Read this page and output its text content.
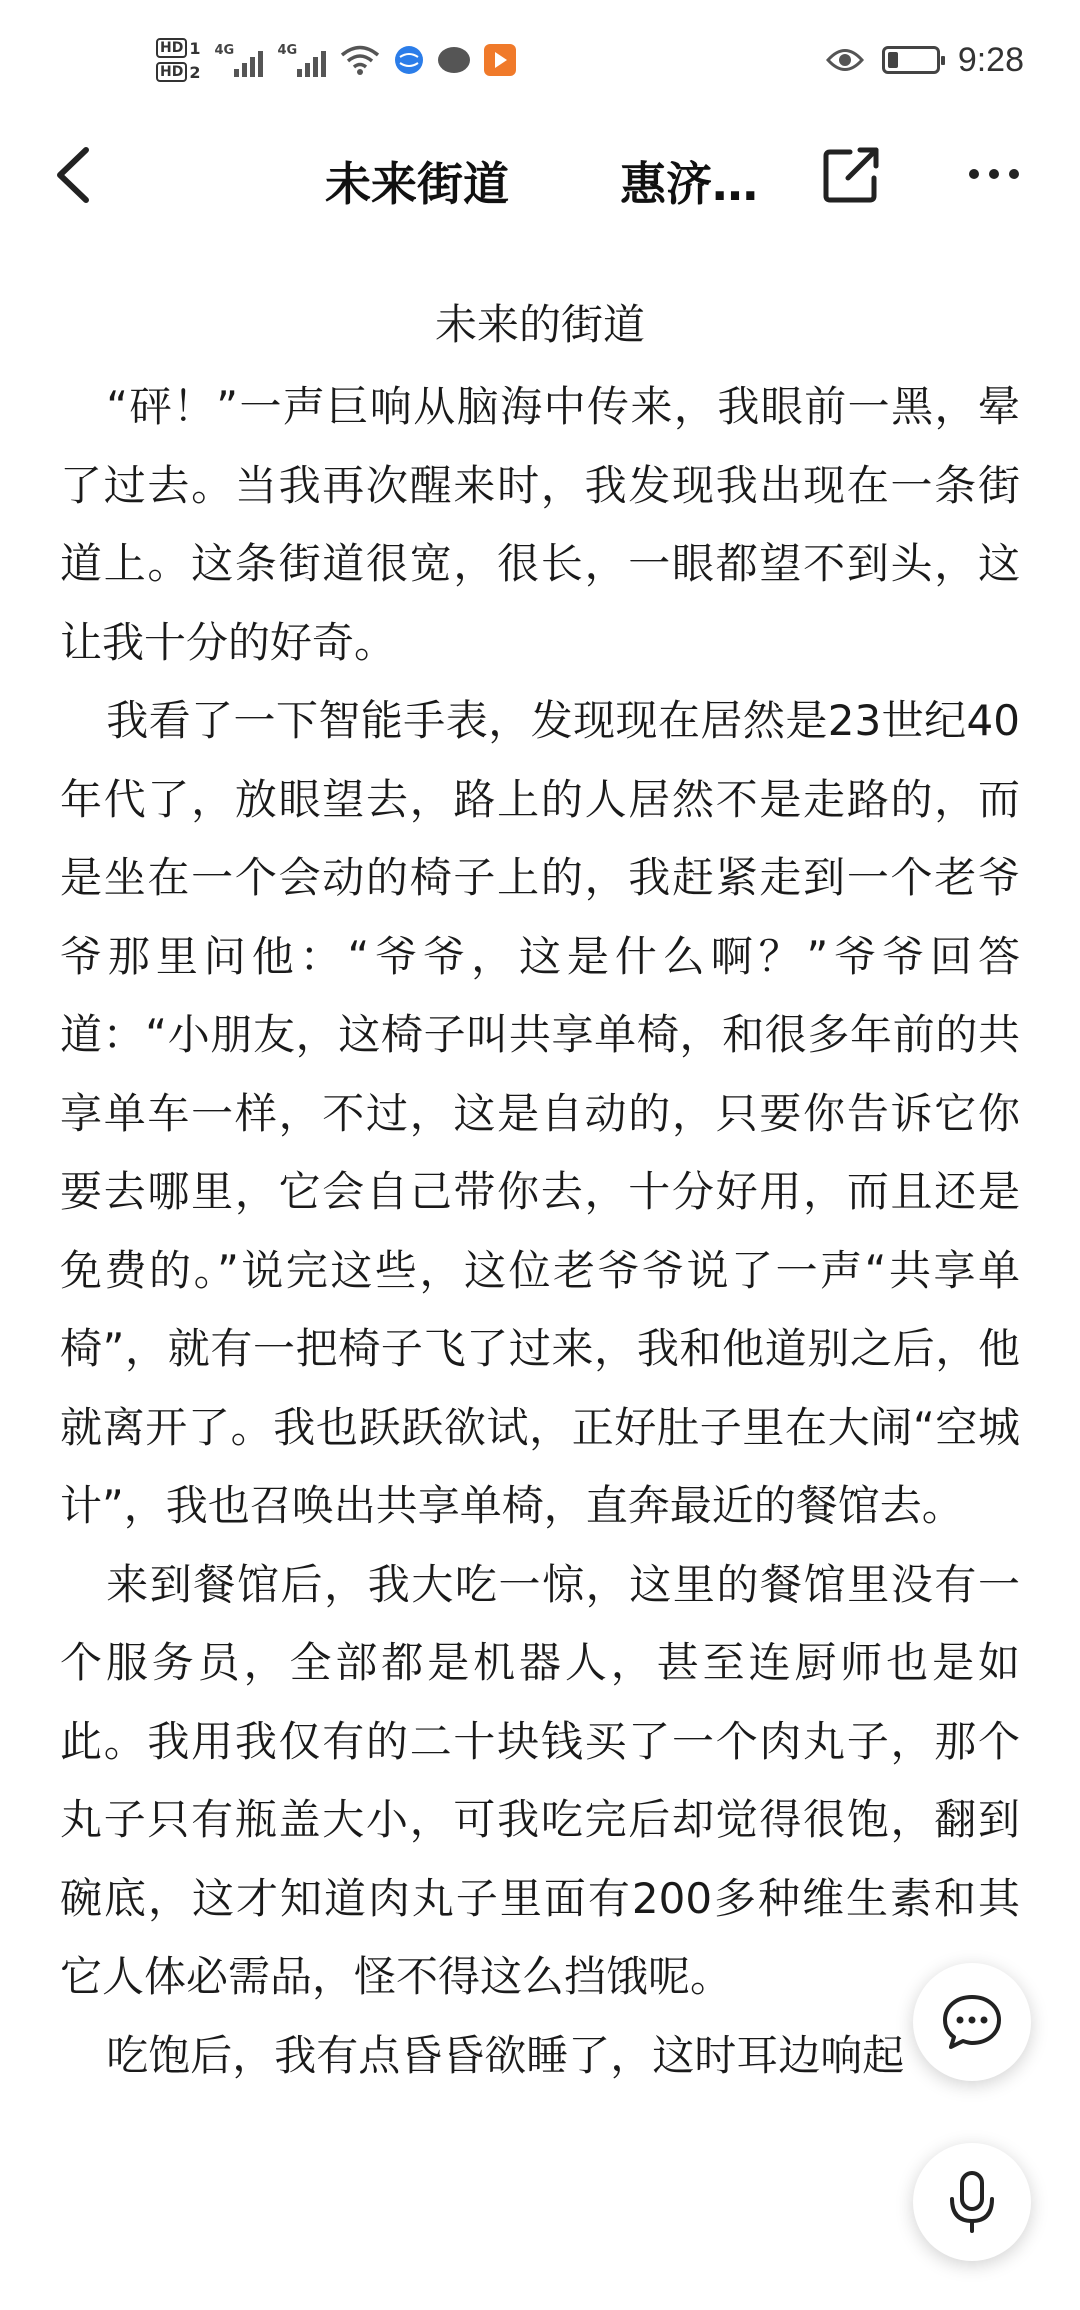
HD 1
HD 2
4G	4G	9:28
未来街道 惠济…
未来的街道

“砰！”一声巨响从脑海中传来，我眼前一黑，晕了过去。当我再次醒来时，我发现我出现在一条街道上。这条街道很宽，很长，一眼都望不到头，这让我十分的好奇。

我看了一下智能手表，发现现在居然是23世纪40年代了，放眼望去，路上的人居然不是走路的，而是坐在一个会动的椅子上的，我赶紧走到一个老爷爷那里问他：“爷爷，这是什么啊？”爷爷回答道：“小朋友，这椅子叫共享单椅，和很多年前的共享单车一样，不过，这是自动的，只要你告诉它你要去哪里，它会自己带你去，十分好用，而且还是免费的。”说完这些，这位老爷爷说了一声“共享单椅”，就有一把椅子飞了过来，我和他道别之后，他就离开了。我也跃跃欲试，正好肚子里在大闹“空城计”，我也召唤出共享单椅，直奔最近的餐馆去。

来到餐馆后，我大吃一惊，这里的餐馆里没有一个服务员，全部都是机器人，甚至连厨师也是如此。我用我仅有的二十块钱买了一个肉丸子，那个丸子只有瓶盖大小，可我吃完后却觉得很饱，翻到碗底，这才知道肉丸子里面有200多种维生素和其它人体必需品，怪不得这么挡饿呢。

吃饱后，我有点昏昏欲睡了，这时耳边响起
